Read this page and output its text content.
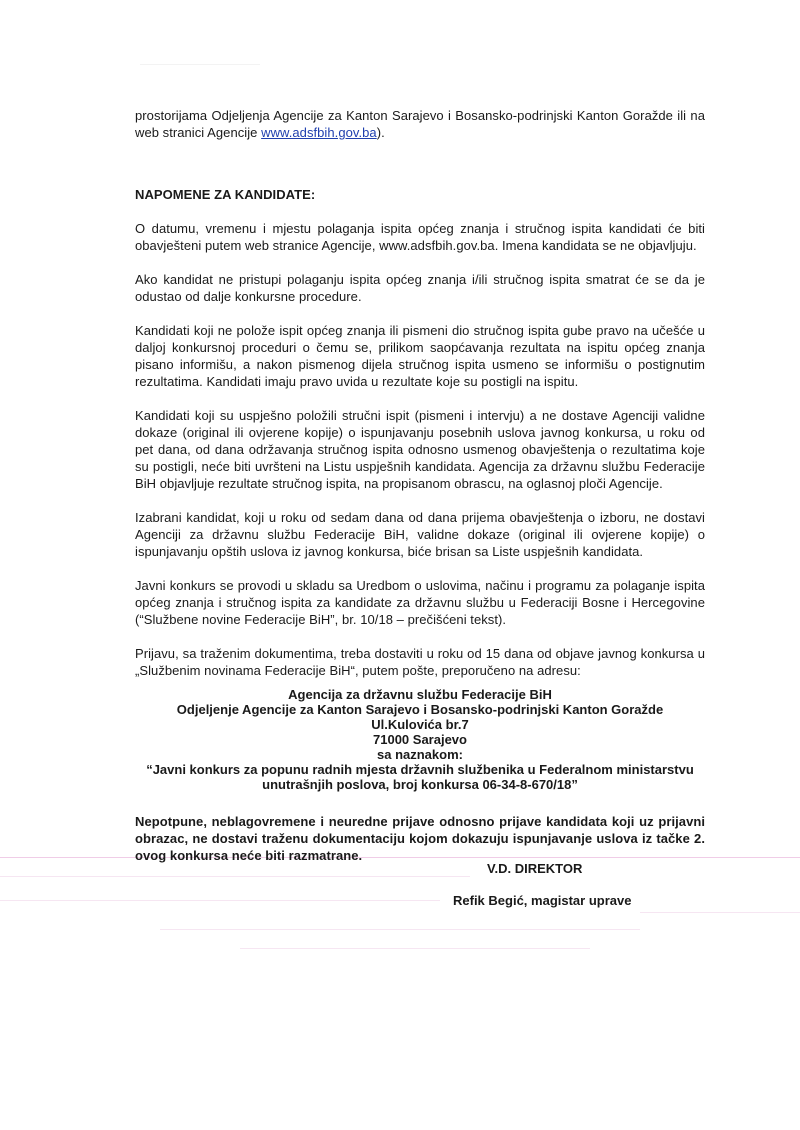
prostorijama Odjeljenja Agencije za Kanton Sarajevo i Bosansko-podrinjski Kanton Goražde ili na web stranici Agencije www.adsfbih.gov.ba).

NAPOMENE ZA KANDIDATE:

O datumu, vremenu i mjestu polaganja ispita općeg znanja i stručnog ispita kandidati će biti obavješteni putem web stranice Agencije, www.adsfbih.gov.ba. Imena kandidata se ne objavljuju.

Ako kandidat ne pristupi polaganju ispita općeg znanja i/ili stručnog ispita smatrat će se da je odustao od dalje konkursne procedure.

Kandidati koji ne polože ispit općeg znanja ili pismeni dio stručnog ispita gube pravo na učešće u daljoj konkursnoj proceduri o čemu se, prilikom saopćavanja rezultata na ispitu općeg znanja pisano informišu, a nakon pismenog dijela stručnog ispita usmeno se informišu o postignutim rezultatima. Kandidati imaju pravo uvida u rezultate koje su postigli na ispitu.

Kandidati koji su uspješno položili stručni ispit (pismeni i intervju) a ne dostave Agenciji validne dokaze (original ili ovjerene kopije) o ispunjavanju posebnih uslova javnog konkursa, u roku od pet dana, od dana održavanja stručnog ispita odnosno usmenog obavještenja o rezultatima koje su postigli, neće biti uvršteni na Listu uspješnih kandidata. Agencija za državnu službu Federacije BiH objavljuje rezultate stručnog ispita, na propisanom obrascu, na oglasnoj ploči Agencije.

Izabrani kandidat, koji u roku od sedam dana od dana prijema obavještenja o izboru, ne dostavi Agenciji za državnu službu Federacije BiH, validne dokaze (original ili ovjerene kopije) o ispunjavanju opštih uslova iz javnog konkursa, biće brisan sa Liste uspješnih kandidata.

Javni konkurs se provodi u skladu sa Uredbom o uslovima, načinu i programu za polaganje ispita općeg znanja i stručnog ispita za kandidate za državnu službu u Federaciji Bosne i Hercegovine (“Službene novine Federacije BiH”, br. 10/18 – prečišćeni tekst).

Prijavu, sa traženim dokumentima, treba dostaviti u roku od 15 dana od objave javnog konkursa u „Službenim novinama Federacije BiH“, putem pošte, preporučeno na adresu:

Agencija za državnu službu Federacije BiH
Odjeljenje Agencije za Kanton Sarajevo i Bosansko-podrinjski Kanton Goražde
Ul.Kulovića br.7
71000 Sarajevo
sa naznakom:
“Javni konkurs za popunu radnih mjesta državnih službenika u Federalnom ministarstvu
unutrašnjih poslova, broj konkursa 06-34-8-670/18”

Nepotpune, neblagovremene i neuredne prijave odnosno prijave kandidata koji uz prijavni obrazac, ne dostavi traženu dokumentaciju kojom dokazuju ispunjavanje uslova iz tačke 2. ovog konkursa neće biti razmatrane.

V.D. DIREKTOR
Refik Begić, magistar uprave
